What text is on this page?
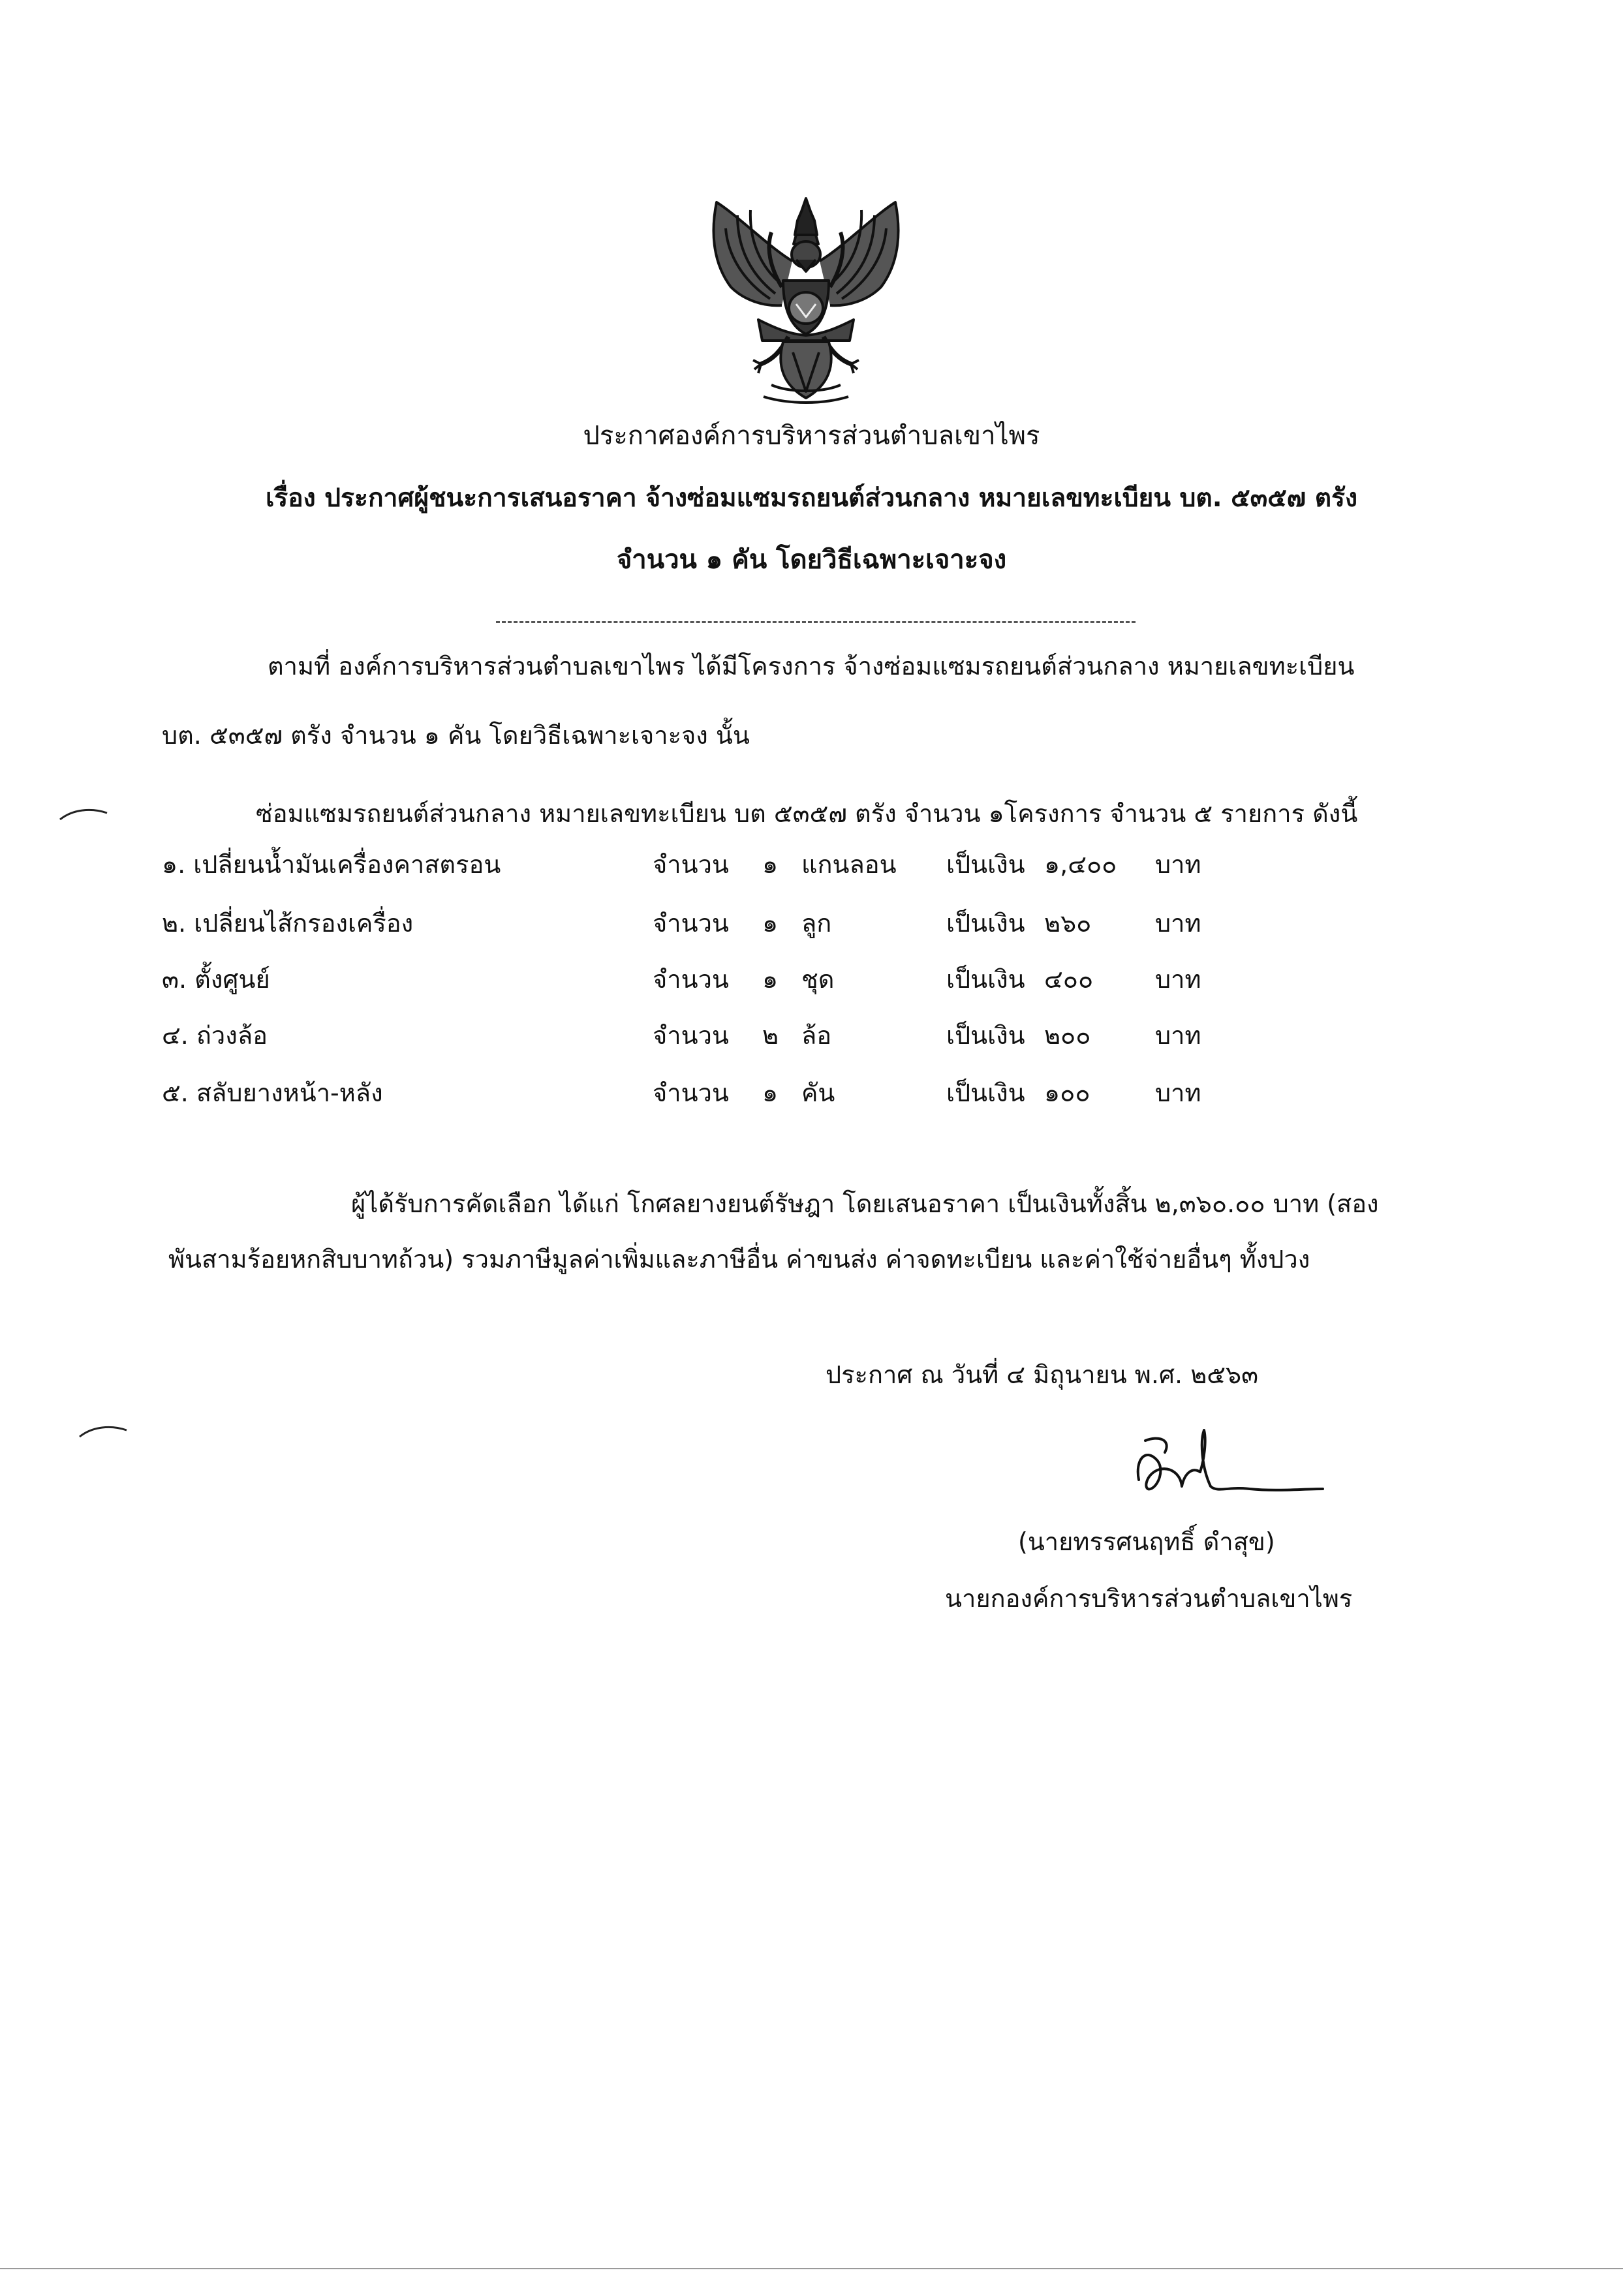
ประกาศองค์การบริหารส่วนตำบลเขาไพร
เรื่อง ประกาศผู้ชนะการเสนอราคา จ้างซ่อมแซมรถยนต์ส่วนกลาง หมายเลขทะเบียน บต. ๕๓๕๗ ตรัง
จำนวน ๑ คัน โดยวิธีเฉพาะเจาะจง
ตามที่ องค์การบริหารส่วนตำบลเขาไพร ได้มีโครงการ จ้างซ่อมแซมรถยนต์ส่วนกลาง หมายเลขทะเบียน
บต. ๕๓๕๗ ตรัง จำนวน ๑ คัน โดยวิธีเฉพาะเจาะจง นั้น
ซ่อมแซมรถยนต์ส่วนกลาง หมายเลขทะเบียน บต ๕๓๕๗ ตรัง จำนวน ๑โครงการ จำนวน ๕ รายการ ดังนี้
๑. เปลี่ยนน้ำมันเครื่องคาสตรอน	จำนวน ๑ แกนลอน เป็นเงิน ๑,๔๐๐ บาท
๒. เปลี่ยนไส้กรองเครื่อง	จำนวน ๑ ลูก	เป็นเงิน ๒๖๐	บาท
๓. ตั้งศูนย์	จำนวน ๑ ชุด	เป็นเงิน ๔๐๐ บาท
๔. ถ่วงล้อ	จำนวน ๒ ล้อ	เป็นเงิน ๒๐๐	บาท
๕. สลับยางหน้า-หลัง	จำนวน ๑ คัน	เป็นเงิน ๑๐๐	บาท
ผู้ได้รับการคัดเลือก ได้แก่ โกศลยางยนต์รัษฎา โดยเสนอราคา เป็นเงินทั้งสิ้น ๒,๓๖๐.๐๐ บาท (สอง
พันสามร้อยหกสิบบาทถ้วน) รวมภาษีมูลค่าเพิ่มและภาษีอื่น ค่าขนส่ง ค่าจดทะเบียน และค่าใช้จ่ายอื่นๆ ทั้งปวง
ประกาศ ณ วันที่ ๔ มิถุนายน พ.ศ. ๒๕๖๓
(นายทรรศนฤทธิ์ ดำสุข)
นายกองค์การบริหารส่วนตำบลเขาไพร
